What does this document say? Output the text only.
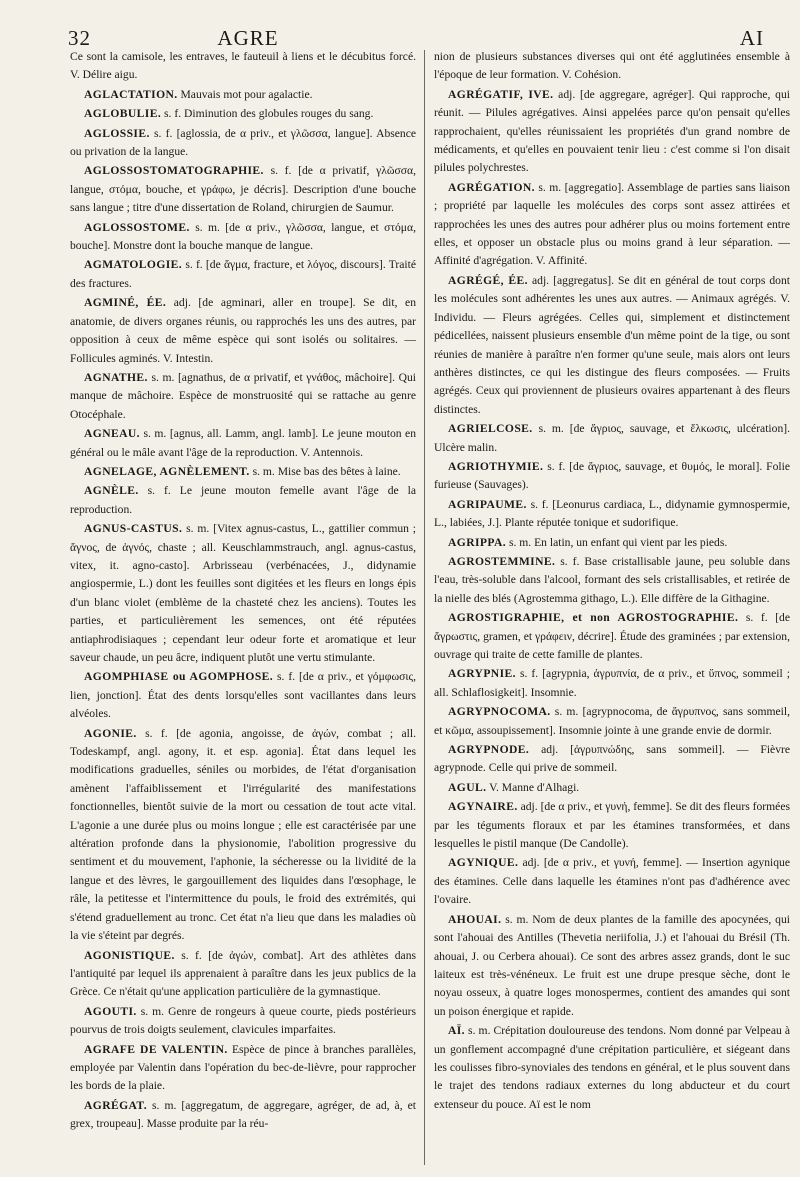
32	AGRE	AI

Ce sont la camisole, les entraves, le fauteuil à liens et le décubitus forcé. V. Délire aigu.

AGLACTATION. Mauvais mot pour agalactie.

AGLOBULIE. s. f. Diminution des globules rouges du sang.

AGLOSSIE. s. f. [aglossia, de α priv., et γλῶσσα, langue]. Absence ou privation de la langue.

AGLOSSOSTOMATOGRAPHIE. s. f. [de α privatif, γλῶσσα, langue, στόμα, bouche, et γράφω, je décris]. Description d'une bouche sans langue ; titre d'une dissertation de Roland, chirurgien de Saumur.

AGLOSSOSTOME. s. m. [de α priv., γλῶσσα, langue, et στόμα, bouche]. Monstre dont la bouche manque de langue.

AGMATOLOGIE. s. f. [de ἄγμα, fracture, et λόγος, discours]. Traité des fractures.

AGMINÉ, ÉE. adj. [de agminari, aller en troupe]. Se dit, en anatomie, de divers organes réunis, ou rapprochés les uns des autres, par opposition à ceux de même espèce qui sont isolés ou solitaires. — Follicules agminés. V. Intestin.

AGNATHE. s. m. [agnathus, de α privatif, et γνάθος, mâchoire]. Qui manque de mâchoire. Espèce de monstruosité qui se rattache au genre Otocéphale.

AGNEAU. s. m. [agnus, all. Lamm, angl. lamb]. Le jeune mouton en général ou le mâle avant l'âge de la reproduction. V. Antennois.

AGNELAGE, AGNÈLEMENT. s. m. Mise bas des bêtes à laine.

AGNÈLE. s. f. Le jeune mouton femelle avant l'âge de la reproduction.

AGNUS-CASTUS. s. m. [Vitex agnus-castus, L., gattilier commun ; ἄγνος, de ἁγνός, chaste ; all. Keuschlammstrauch, angl. agnus-castus, vitex, it. agno-casto]. Arbrisseau (verbénacées, J., didynamie angiospermie, L.) dont les feuilles sont digitées et les fleurs en longs épis d'un blanc violet (emblème de la chasteté chez les anciens). Toutes les parties, et particulièrement les semences, ont été réputées antiaphrodisiaques ; cependant leur odeur forte et aromatique et leur saveur chaude, un peu âcre, indiquent plutôt une vertu stimulante.

AGOMPHIASE ou AGOMPHOSE. s. f. [de α priv., et γόμφωσις, lien, jonction]. État des dents lorsqu'elles sont vacillantes dans leurs alvéoles.

AGONIE. s. f. [de agonia, angoisse, de ἀγών, combat ; all. Todeskampf, angl. agony, it. et esp. agonia]. État dans lequel les modifications graduelles, séniles ou morbides, de l'état d'organisation amènent l'affaiblissement et l'irrégularité des manifestations fonctionnelles, bientôt suivie de la mort ou cessation de tout acte vital. L'agonie a une durée plus ou moins longue ; elle est caractérisée par une altération profonde dans la physionomie, l'abolition progressive du sentiment et du mouvement, l'aphonie, la sécheresse ou la lividité de la langue et des lèvres, le gargouillement des liquides dans l'œsophage, le râle, la petitesse et l'intermittence du pouls, le froid des extrémités, qui s'étend graduellement au tronc. Cet état n'a lieu que dans les maladies où la vie s'éteint par degrés.

AGONISTIQUE. s. f. [de ἀγών, combat]. Art des athlètes dans l'antiquité par lequel ils apprenaient à paraître dans les jeux publics de la Grèce. Ce n'était qu'une application particulière de la gymnastique.

AGOUTI. s. m. Genre de rongeurs à queue courte, pieds postérieurs pourvus de trois doigts seulement, clavicules imparfaites.

AGRAFE DE VALENTIN. Espèce de pince à branches parallèles, employée par Valentin dans l'opération du bec-de-lièvre, pour rapprocher les bords de la plaie.

AGRÉGAT. s. m. [aggregatum, de aggregare, agréger, de ad, à, et grex, troupeau]. Masse produite par la réu-

nion de plusieurs substances diverses qui ont été agglutinées ensemble à l'époque de leur formation. V. Cohésion.

AGRÉGATIF, IVE. adj. [de aggregare, agréger]. Qui rapproche, qui réunit. — Pilules agrégatives. Ainsi appelées parce qu'on pensait qu'elles rapprochaient, qu'elles réunissaient les propriétés d'un grand nombre de médicaments, et qu'elles en pouvaient tenir lieu : c'est comme si l'on disait pilules polychrestes.

AGRÉGATION. s. m. [aggregatio]. Assemblage de parties sans liaison ; propriété par laquelle les molécules des corps sont assez attirées et rapprochées les unes des autres pour adhérer plus ou moins fortement entre elles, et opposer un obstacle plus ou moins grand à leur séparation. — Affinité d'agrégation. V. Affinité.

AGRÉGÉ, ÉE. adj. [aggregatus]. Se dit en général de tout corps dont les molécules sont adhérentes les unes aux autres. — Animaux agrégés. V. Individu. — Fleurs agrégées. Celles qui, simplement et distinctement pédicellées, naissent plusieurs ensemble d'un même point de la tige, ou sont réunies de manière à paraître n'en former qu'une seule, mais alors ont leurs anthères distinctes, ce qui les distingue des fleurs composées. — Fruits agrégés. Ceux qui proviennent de plusieurs ovaires appartenant à des fleurs distinctes.

AGRIELCOSE. s. m. [de ἄγριος, sauvage, et ἕλκωσις, ulcération]. Ulcère malin.

AGRIOTHYMIE. s. f. [de ἄγριος, sauvage, et θυμός, le moral]. Folie furieuse (Sauvages).

AGRIPAUME. s. f. [Leonurus cardiaca, L., didynamie gymnospermie, L., labiées, J.]. Plante réputée tonique et sudorifique.

AGRIPPA. s. m. En latin, un enfant qui vient par les pieds.

AGROSTEMMINE. s. f. Base cristallisable jaune, peu soluble dans l'eau, très-soluble dans l'alcool, formant des sels cristallisables, et retirée de la nielle des blés (Agrostemma githago, L.). Elle diffère de la Githagine.

AGROSTIGRAPHIE, et non AGROSTOGRAPHIE. s. f. [de ἄγρωστις, gramen, et γράφειν, décrire]. Étude des graminées ; par extension, ouvrage qui traite de cette famille de plantes.

AGRYPNIE. s. f. [agrypnia, ἀγρυπνία, de α priv., et ὕπνος, sommeil ; all. Schlaflosigkeit]. Insomnie.

AGRYPNOCOMA. s. m. [agrypnocoma, de ἄγρυπνος, sans sommeil, et κῶμα, assoupissement]. Insomnie jointe à une grande envie de dormir.

AGRYPNODE. adj. [ἀγρυπνώδης, sans sommeil]. — Fièvre agrypnode. Celle qui prive de sommeil.

AGUL. V. Manne d'Alhagi.

AGYNAIRE. adj. [de α priv., et γυνή, femme]. Se dit des fleurs formées par les téguments floraux et par les étamines transformées, et dans lesquelles le pistil manque (De Candolle).

AGYNIQUE. adj. [de α priv., et γυνή, femme]. — Insertion agynique des étamines. Celle dans laquelle les étamines n'ont pas d'adhérence avec l'ovaire.

AHOUAI. s. m. Nom de deux plantes de la famille des apocynées, qui sont l'ahouai des Antilles (Thevetia neriifolia, J.) et l'ahouai du Brésil (Th. ahouai, J. ou Cerbera ahouai). Ce sont des arbres assez grands, dont le suc laiteux est très-vénéneux. Le fruit est une drupe presque sèche, dont le noyau osseux, à quatre loges monospermes, contient des amandes qui sont un poison énergique et rapide.

AÏ. s. m. Crépitation douloureuse des tendons. Nom donné par Velpeau à un gonflement accompagné d'une crépitation particulière, et siégeant dans les coulisses fibro-synoviales des tendons en général, et le plus souvent dans le trajet des tendons radiaux externes du long abducteur et du court extenseur du pouce. Aï est le nom
